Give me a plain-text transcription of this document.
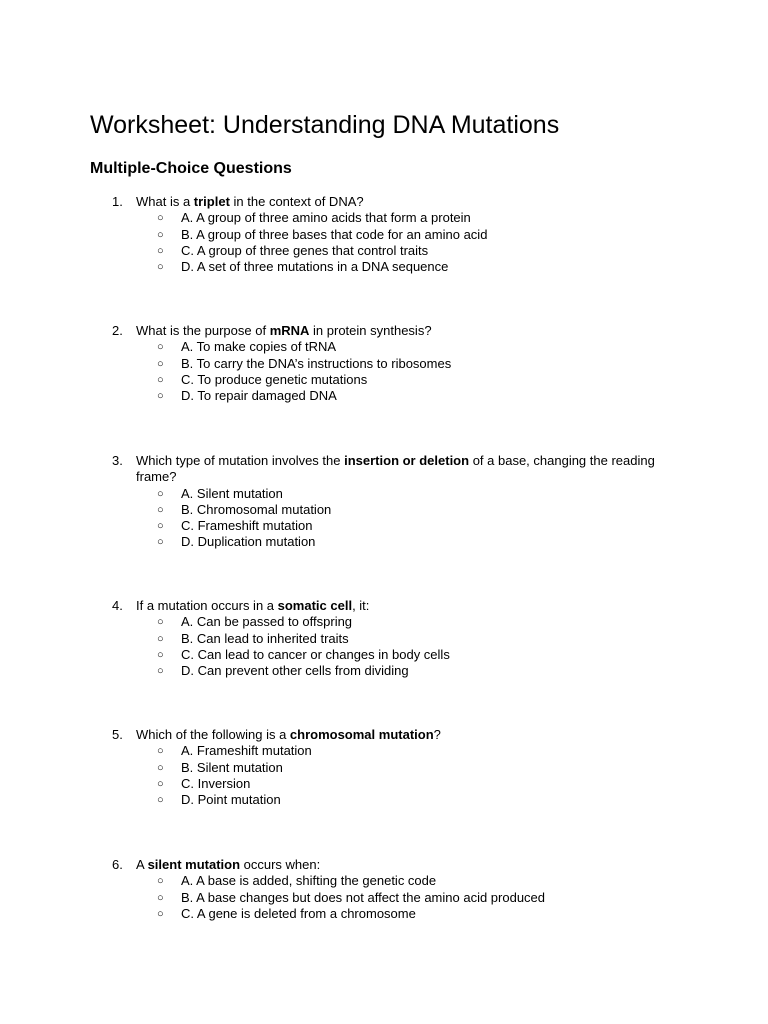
Worksheet: Understanding DNA Mutations
Multiple-Choice Questions
1. What is a triplet in the context of DNA?
○ A. A group of three amino acids that form a protein
○ B. A group of three bases that code for an amino acid
○ C. A group of three genes that control traits
○ D. A set of three mutations in a DNA sequence
2. What is the purpose of mRNA in protein synthesis?
○ A. To make copies of tRNA
○ B. To carry the DNA’s instructions to ribosomes
○ C. To produce genetic mutations
○ D. To repair damaged DNA
3. Which type of mutation involves the insertion or deletion of a base, changing the reading frame?
○ A. Silent mutation
○ B. Chromosomal mutation
○ C. Frameshift mutation
○ D. Duplication mutation
4. If a mutation occurs in a somatic cell, it:
○ A. Can be passed to offspring
○ B. Can lead to inherited traits
○ C. Can lead to cancer or changes in body cells
○ D. Can prevent other cells from dividing
5. Which of the following is a chromosomal mutation?
○ A. Frameshift mutation
○ B. Silent mutation
○ C. Inversion
○ D. Point mutation
6. A silent mutation occurs when:
○ A. A base is added, shifting the genetic code
○ B. A base changes but does not affect the amino acid produced
○ C. A gene is deleted from a chromosome
